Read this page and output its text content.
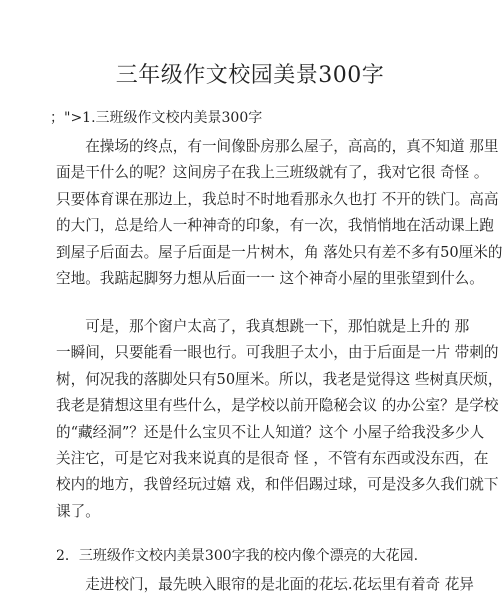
三年级作文校园美景300字
；">1.三班级作文校内美景300字
　　在操场的终点，有一间像卧房那么屋子，高高的，真不知道 那里
面是干什么的呢？这间房子在我上三班级就有了，我对它很 奇怪 。
只要体育课在那边上，我总时不时地看那永久也打 不开的铁门。高高
的大门，总是给人一种神奇的印象，有一次，我悄悄地在活动课上跑
到屋子后面去。屋子后面是一片树木，角 落处只有差不多有50厘米的
空地。我踮起脚努力想从后面一一 这个神奇小屋的里张望到什么。
　　可是，那个窗户太高了，我真想跳一下，那怕就是上升的 那
一瞬间，只要能看一眼也行。可我胆子太小，由于后面是一片 带刺的
树，何况我的落脚处只有50厘米。所以，我老是觉得这 些树真厌烦，
我老是猜想这里有些什么，是学校以前开隐秘会议 的办公室？是学校
的“藏经洞”？还是什么宝贝不让人知道？这个 小屋子给我没多少人
关注它，可是它对我来说真的是很奇 怪 ，不管有东西或没东西，在
校内的地方，我曾经玩过嬉 戏，和伴侣踢过球，可是没多久我们就下
课了。
2．三班级作文校内美景300字我的校内像个漂亮的大花园.
　　走进校门，最先映入眼帘的是北面的花坛.花坛里有着奇 花异
